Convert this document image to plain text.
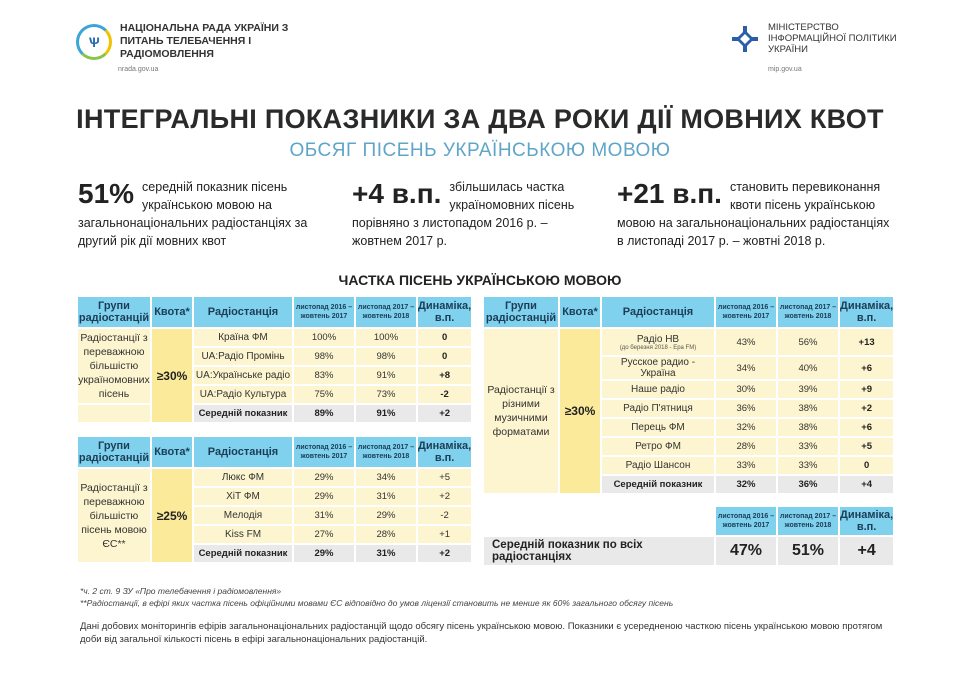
Ѱ
НАЦІОНАЛЬНА РАДА УКРАЇНИ З ПИТАНЬ ТЕЛЕБАЧЕННЯ І РАДІОМОВЛЕННЯ
nrada.gov.ua
МІНІСТЕРСТВО ІНФОРМАЦІЙНОЇ ПОЛІТИКИ УКРАЇНИ
mip.gov.ua
ІНТЕГРАЛЬНІ ПОКАЗНИКИ ЗА ДВА РОКИ ДІЇ МОВНИХ КВОТ
ОБСЯГ ПІСЕНЬ УКРАЇНСЬКОЮ МОВОЮ
51% середній показник пісень українською мовою на загальнонаціональних радіостанціях за другий рік дії мовних квот
+4 в.п. збільшилась частка україномовних пісень порівняно з листопадом 2016 р. – жовтнем 2017 р.
+21 в.п. становить перевиконання квоти пісень українською мовою на загальнонаціональних радіостанціях в листопаді 2017 р. – жовтні 2018 р.
ЧАСТКА ПІСЕНЬ УКРАЇНСЬКОЮ МОВОЮ
Групи радіостанцій	Квота*	Радіостанція	листопад 2016 – жовтень 2017	листопад 2017 – жовтень 2018	Динаміка, в.п.
Радіостанції з переважною більшістю україномовних пісень	≥30%	Країна ФМ	100%	100%	0
		UA:Радіо Промінь	98%	98%	0
		UA:Українське радіо	83%	91%	+8
		UA:Радіо Культура	75%	73%	-2
		Середній показник	89%	91%	+2
Групи радіостанцій	Квота*	Радіостанція	листопад 2016 – жовтень 2017	листопад 2017 – жовтень 2018	Динаміка, в.п.
Радіостанції з переважною більшістю пісень мовою ЄС**	≥25%	Люкс ФМ	29%	34%	+5
		ХіТ ФМ	29%	31%	+2
		Мелодія	31%	29%	-2
		Kiss FM	27%	28%	+1
		Середній показник	29%	31%	+2
Групи радіостанцій	Квота*	Радіостанція	листопад 2016 – жовтень 2017	листопад 2017 – жовтень 2018	Динаміка, в.п.
Радіостанції з різними музичними форматами	≥30%	Радіо НВ
(до березня 2018 - Ера FM)	43%	56%	+13
		Русское радио - Україна	34%	40%	+6
		Наше радіо	30%	39%	+9
		Радіо П'ятниця	36%	38%	+2
		Перець ФМ	32%	38%	+6
		Ретро ФМ	28%	33%	+5
		Радіо Шансон	33%	33%	0
		Середній показник	32%	36%	+4
	листопад 2016 – жовтень 2017	листопад 2017 – жовтень 2018	Динаміка, в.п.
Середній показник по всіх радіостанціях	47%	51%	+4
*ч. 2 ст. 9 ЗУ «Про телебачення і радіомовлення»
**Радіостанції, в ефірі яких частка пісень офіційними мовами ЄС відповідно до умов ліцензії становить не менше як 60% загального обсягу пісень
Дані добових моніторингів ефірів загальнонаціональних радіостанцій щодо обсягу пісень українською мовою. Показники є усередненою часткою пісень українською мовою протягом доби від загальної кількості пісень в ефірі загальнонаціональних радіостанцій.
